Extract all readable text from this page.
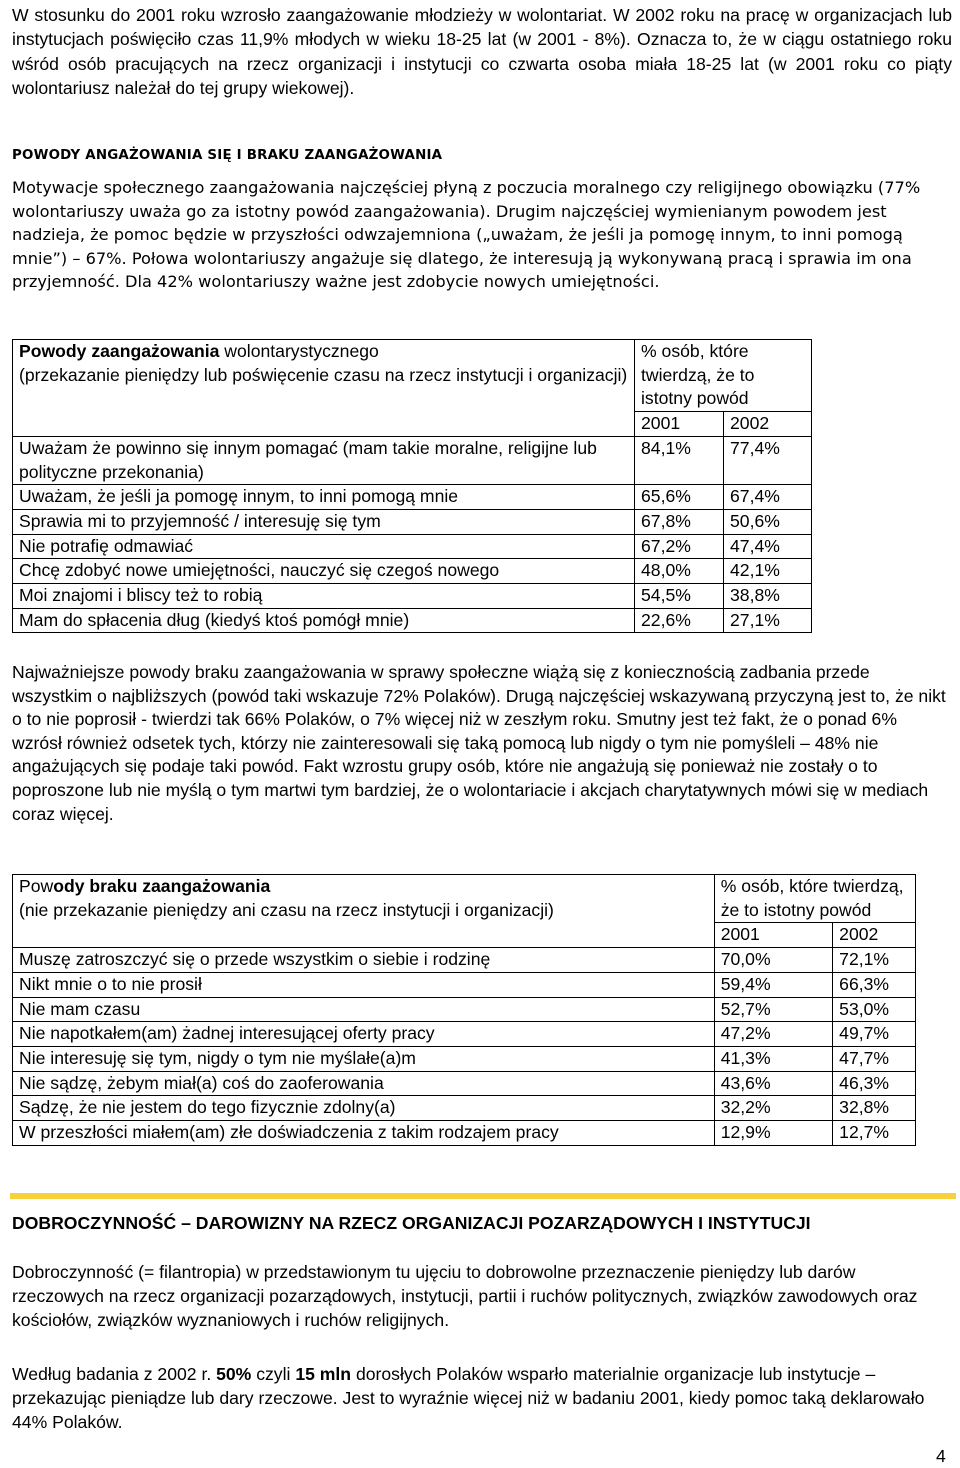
W stosunku do 2001 roku wzrosło zaangażowanie młodzieży w wolontariat. W 2002 roku na pracę w organizacjach lub instytucjach poświęciło czas 11,9% młodych w wieku 18-25 lat (w 2001 - 8%). Oznacza to, że w ciągu ostatniego roku wśród osób pracujących na rzecz organizacji i instytucji co czwarta osoba miała 18-25 lat (w 2001 roku co piąty wolontariusz należał do tej grupy wiekowej).

POWODY ANGAŻOWANIA SIĘ I BRAKU ZAANGAŻOWANIA

Motywacje społecznego zaangażowania najczęściej płyną z poczucia moralnego czy religijnego obowiązku (77% wolontariuszy uważa go za istotny powód zaangażowania). Drugim najczęściej wymienianym powodem jest nadzieja, że pomoc będzie w przyszłości odwzajemniona („uważam, że jeśli ja pomogę innym, to inni pomogą mnie”) – 67%. Połowa wolontariuszy angażuje się dlatego, że interesują ją wykonywaną pracą i sprawia im ona przyjemność. Dla 42% wolontariuszy ważne jest zdobycie nowych umiejętności.

Powody zaangażowania wolontarystycznego
(przekazanie pieniędzy lub poświęcenie czasu na rzecz instytucji i organizacji)	% osób, które twierdzą, że to istotny powód	
	2001	2002
Uważam że powinno się innym pomagać (mam takie moralne, religijne lub polityczne przekonania)	84,1%	77,4%
Uważam, że jeśli ja pomogę innym, to inni pomogą mnie	65,6%	67,4%
Sprawia mi to przyjemność / interesuję się tym	67,8%	50,6%
Nie potrafię odmawiać	67,2%	47,4%
Chcę zdobyć nowe umiejętności, nauczyć się czegoś nowego	48,0%	42,1%
Moi znajomi i bliscy też to robią	54,5%	38,8%
Mam do spłacenia dług (kiedyś ktoś pomógł mnie)	22,6%	27,1%

Najważniejsze powody braku zaangażowania w sprawy społeczne wiążą się z koniecznością zadbania przede wszystkim o najbliższych (powód taki wskazuje 72% Polaków). Drugą najczęściej wskazywaną przyczyną jest to, że nikt o to nie poprosił - twierdzi tak 66% Polaków, o 7% więcej niż w zeszłym roku. Smutny jest też fakt, że o ponad 6% wzrósł również odsetek tych, którzy nie zainteresowali się taką pomocą lub nigdy o tym nie pomyśleli – 48% nie angażujących się podaje taki powód. Fakt wzrostu grupy osób, które nie angażują się ponieważ nie zostały o to poproszone lub nie myślą o tym martwi tym bardziej, że o wolontariacie i akcjach charytatywnych mówi się w mediach coraz więcej.

Powody braku zaangażowania
(nie przekazanie pieniędzy ani czasu na rzecz instytucji i organizacji)	% osób, które twierdzą, że to istotny powód	
	2001	2002
Muszę zatroszczyć się o przede wszystkim o siebie i rodzinę	70,0%	72,1%
Nikt mnie o to nie prosił	59,4%	66,3%
Nie mam czasu	52,7%	53,0%
Nie napotkałem(am) żadnej interesującej oferty pracy	47,2%	49,7%
Nie interesuję się tym, nigdy o tym nie myślałe(a)m	41,3%	47,7%
Nie sądzę, żebym miał(a) coś do zaoferowania	43,6%	46,3%
Sądzę, że nie jestem do tego fizycznie zdolny(a)	32,2%	32,8%
W przeszłości miałem(am) złe doświadczenia z takim rodzajem pracy	12,9%	12,7%
DOBROCZYNNOŚĆ – DAROWIZNY NA RZECZ ORGANIZACJI POZARZĄDOWYCH I INSTYTUCJI

Dobroczynność (= filantropia) w przedstawionym tu ujęciu to dobrowolne przeznaczenie pieniędzy lub darów rzeczowych na rzecz organizacji pozarządowych, instytucji, partii i ruchów politycznych, związków zawodowych oraz kościołów, związków wyznaniowych i ruchów religijnych.

Według badania z 2002 r. 50% czyli 15 mln dorosłych Polaków wsparło materialnie organizacje lub instytucje – przekazując pieniądze lub dary rzeczowe. Jest to wyraźnie więcej niż w badaniu 2001, kiedy pomoc taką deklarowało 44% Polaków.

4
